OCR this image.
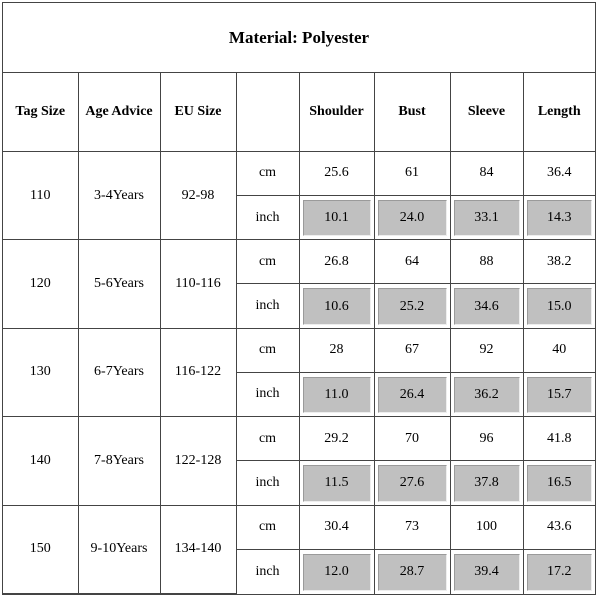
Material: Polyester
Tag Size	Age Advice	EU Size		Shoulder	Bust	Sleeve	Length
110	3-4Years	92-98	cm	25.6	61	84	36.4
			inch	10.1	24.0	33.1	14.3

120	5-6Years	110-116	cm	26.8	64	88	38.2
			inch	10.6	25.2	34.6	15.0

130	6-7Years	116-122	cm	28	67	92	40
			inch	11.0	26.4	36.2	15.7

140	7-8Years	122-128	cm	29.2	70	96	41.8
			inch	11.5	27.6	37.8	16.5

150	9-10Years	134-140	cm	30.4	73	100	43.6
			inch	12.0	28.7	39.4	17.2
